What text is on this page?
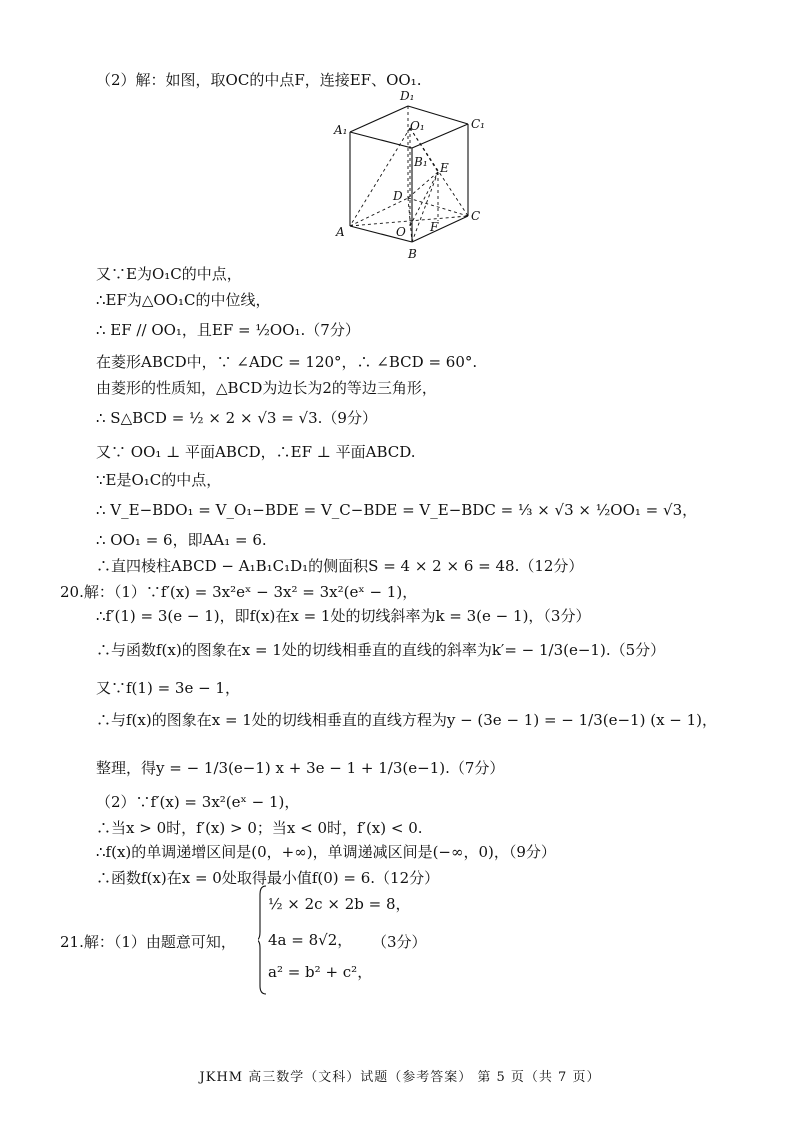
（2）解：如图，取OC的中点F，连接EF、OO₁.
D₁
A₁	O₁	C₁
B₁ E
D
C
A	O F
B
又∵E为O₁C的中点，
∴EF为△OO₁C的中位线，
∴ EF // OO₁，且EF = ½OO₁.（7分）
在菱形ABCD中，∵ ∠ADC = 120°，∴ ∠BCD = 60°.
由菱形的性质知，△BCD为边长为2的等边三角形，
∴ S△BCD = ½ × 2 × √3 = √3.（9分）
又∵ OO₁ ⊥ 平面ABCD，∴EF ⊥ 平面ABCD.
∵E是O₁C的中点，
∴ V_E−BDO₁ = V_O₁−BDE = V_C−BDE = V_E−BDC = ⅓ × √3 × ½OO₁ = √3，
∴ OO₁ = 6，即AA₁ = 6.
∴直四棱柱ABCD − A₁B₁C₁D₁的侧面积S = 4 × 2 × 6 = 48.（12分）
20.解：（1）∵f′(x) = 3x²eˣ − 3x² = 3x²(eˣ − 1)，
∴f′(1) = 3(e − 1)，即f(x)在x = 1处的切线斜率为k = 3(e − 1)，（3分）
∴与函数f(x)的图象在x = 1处的切线相垂直的直线的斜率为k′= − 1/3(e−1).（5分）
又∵f(1) = 3e − 1，
∴与f(x)的图象在x = 1处的切线相垂直的直线方程为y − (3e − 1) = − 1/3(e−1) (x − 1)，
整理，得y = − 1/3(e−1) x + 3e − 1 + 1/3(e−1).（7分）
（2）∵f′(x) = 3x²(eˣ − 1)，
∴当x > 0时，f′(x) > 0；当x < 0时，f′(x) < 0.
∴f(x)的单调递增区间是(0，+∞)，单调递减区间是(−∞，0)，（9分）
∴函数f(x)在x = 0处取得最小值f(0) = 6.（12分）
21.解：（1）由题意可知，
½ × 2c × 2b = 8，
4a = 8√2，
a² = b² + c²，
（3分）
JKHM 高三数学（文科）试题（参考答案） 第 5 页（共 7 页）
